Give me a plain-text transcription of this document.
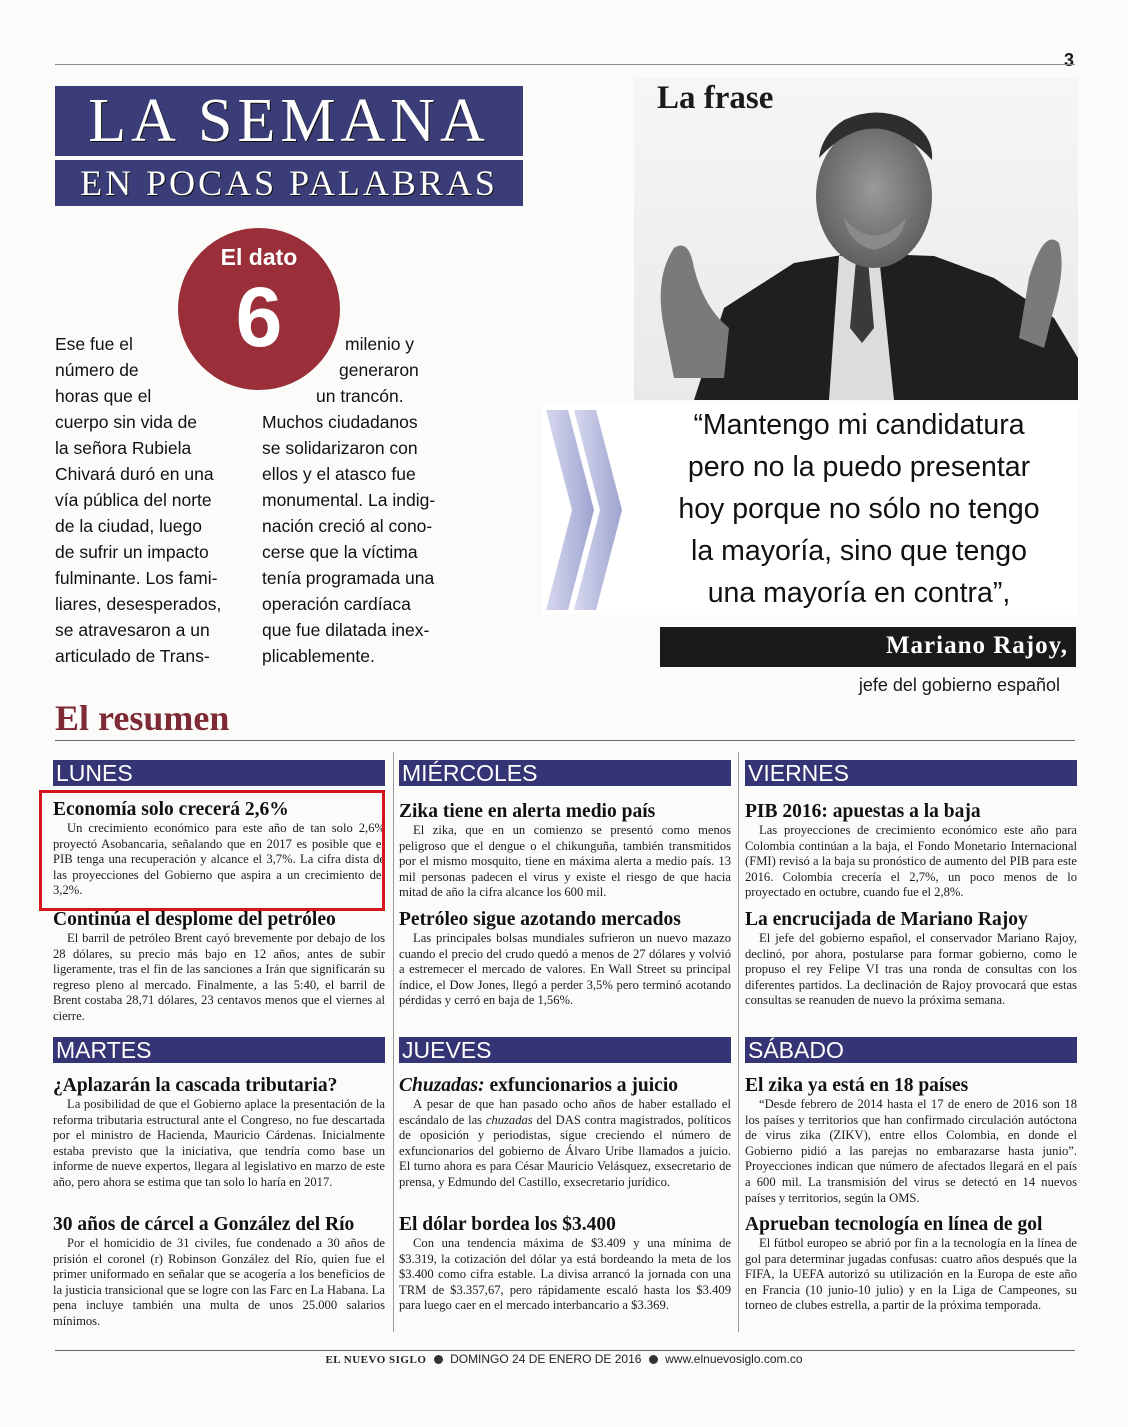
3
LA SEMANA
EN POCAS PALABRAS
El dato
6
Ese fue el
número de
horas que el
cuerpo sin vida de
la señora Rubiela
Chivará duró en una
vía pública del norte
de la ciudad, luego
de sufrir un impacto
fulminante. Los fami-
liares, desesperados,
se atravesaron a un
articulado de Trans-
milenio y
generaron
un trancón.
Muchos ciudadanos
se solidarizaron con
ellos y el atasco fue
monumental. La indig-
nación creció al cono-
cerse que la víctima
tenía programada una
operación cardíaca
que fue dilatada inex-
plicablemente.
La frase
“Mantengo mi candidatura
pero no la puedo presentar
hoy porque no sólo no tengo
la mayoría, sino que tengo
una mayoría en contra”,
Mariano Rajoy,
jefe del gobierno español
El resumen
LUNES
Economía solo crecerá 2,6%
Un crecimiento económico para este año de tan solo 2,6% proyectó Asobancaria, señalando que en 2017 es posible que el PIB tenga una recuperación y alcance el 3,7%. La cifra dista de las proyecciones del Gobierno que aspira a un crecimiento del 3,2%.
Continúa el desplome del petróleo
El barril de petróleo Brent cayó brevemente por debajo de los 28 dólares, su precio más bajo en 12 años, antes de subir ligeramente, tras el fin de las sanciones a Irán que significarán su regreso pleno al mercado. Finalmente, a las 5:40, el barril de Brent costaba 28,71 dólares, 23 centavos menos que el viernes al cierre.
MARTES
¿Aplazarán la cascada tributaria?
La posibilidad de que el Gobierno aplace la presentación de la reforma tributaria estructural ante el Congreso, no fue descartada por el ministro de Hacienda, Mauricio Cárdenas. Inicialmente estaba previsto que la iniciativa, que tendría como base un informe de nueve expertos, llegara al legislativo en marzo de este año, pero ahora se estima que tan solo lo haría en 2017.
30 años de cárcel a González del Río
Por el homicidio de 31 civiles, fue condenado a 30 años de prisión el coronel (r) Robinson González del Río, quien fue el primer uniformado en señalar que se acogería a los beneficios de la justicia transicional que se logre con las Farc en La Habana. La pena incluye también una multa de unos 25.000 salarios mínimos.
MIÉRCOLES
Zika tiene en alerta medio país
El zika, que en un comienzo se presentó como menos peligroso que el dengue o el chikunguña, también transmitidos por el mismo mosquito, tiene en máxima alerta a medio país. 13 mil personas padecen el virus y existe el riesgo de que hacia mitad de año la cifra alcance los 600 mil.
Petróleo sigue azotando mercados
Las principales bolsas mundiales sufrieron un nuevo mazazo cuando el precio del crudo quedó a menos de 27 dólares y volvió a estremecer el mercado de valores. En Wall Street su principal índice, el Dow Jones, llegó a perder 3,5% pero terminó acotando pérdidas y cerró en baja de 1,56%.
JUEVES
Chuzadas: exfuncionarios a juicio
A pesar de que han pasado ocho años de haber estallado el escándalo de las chuzadas del DAS contra magistrados, políticos de oposición y periodistas, sigue creciendo el número de exfuncionarios del gobierno de Álvaro Uribe llamados a juicio. El turno ahora es para César Mauricio Velásquez, exsecretario de prensa, y Edmundo del Castillo, exsecretario jurídico.
El dólar bordea los $3.400
Con una tendencia máxima de $3.409 y una mínima de $3.319, la cotización del dólar ya está bordeando la meta de los $3.400 como cifra estable. La divisa arrancó la jornada con una TRM de $3.357,67, pero rápidamente escaló hasta los $3.409 para luego caer en el mercado interbancario a $3.369.
VIERNES
PIB 2016: apuestas a la baja
Las proyecciones de crecimiento económico este año para Colombia continúan a la baja, el Fondo Monetario Internacional (FMI) revisó a la baja su pronóstico de aumento del PIB para este 2016. Colombia crecería el 2,7%, un poco menos de lo proyectado en octubre, cuando fue el 2,8%.
La encrucijada de Mariano Rajoy
El jefe del gobierno español, el conservador Mariano Rajoy, declinó, por ahora, postularse para formar gobierno, como le propuso el rey Felipe VI tras una ronda de consultas con los diferentes partidos. La declinación de Rajoy provocará que estas consultas se reanuden de nuevo la próxima semana.
SÁBADO
El zika ya está en 18 países
“Desde febrero de 2014 hasta el 17 de enero de 2016 son 18 los países y territorios que han confirmado circulación autóctona de virus zika (ZIKV), entre ellos Colombia, en donde el Gobierno pidió a las parejas no embarazarse hasta junio”. Proyecciones indican que número de afectados llegará en el país a 600 mil. La transmisión del virus se detectó en 14 nuevos países y territorios, según la OMS.
Aprueban tecnología en línea de gol
El fútbol europeo se abrió por fin a la tecnología en la línea de gol para determinar jugadas confusas: cuatro años después que la FIFA, la UEFA autorizó su utilización en la Europa de este año en Francia (10 junio-10 julio) y en la Liga de Campeones, su torneo de clubes estrella, a partir de la próxima temporada.
EL NUEVO SIGLO DOMINGO 24 DE ENERO DE 2016 www.elnuevosiglo.com.co
